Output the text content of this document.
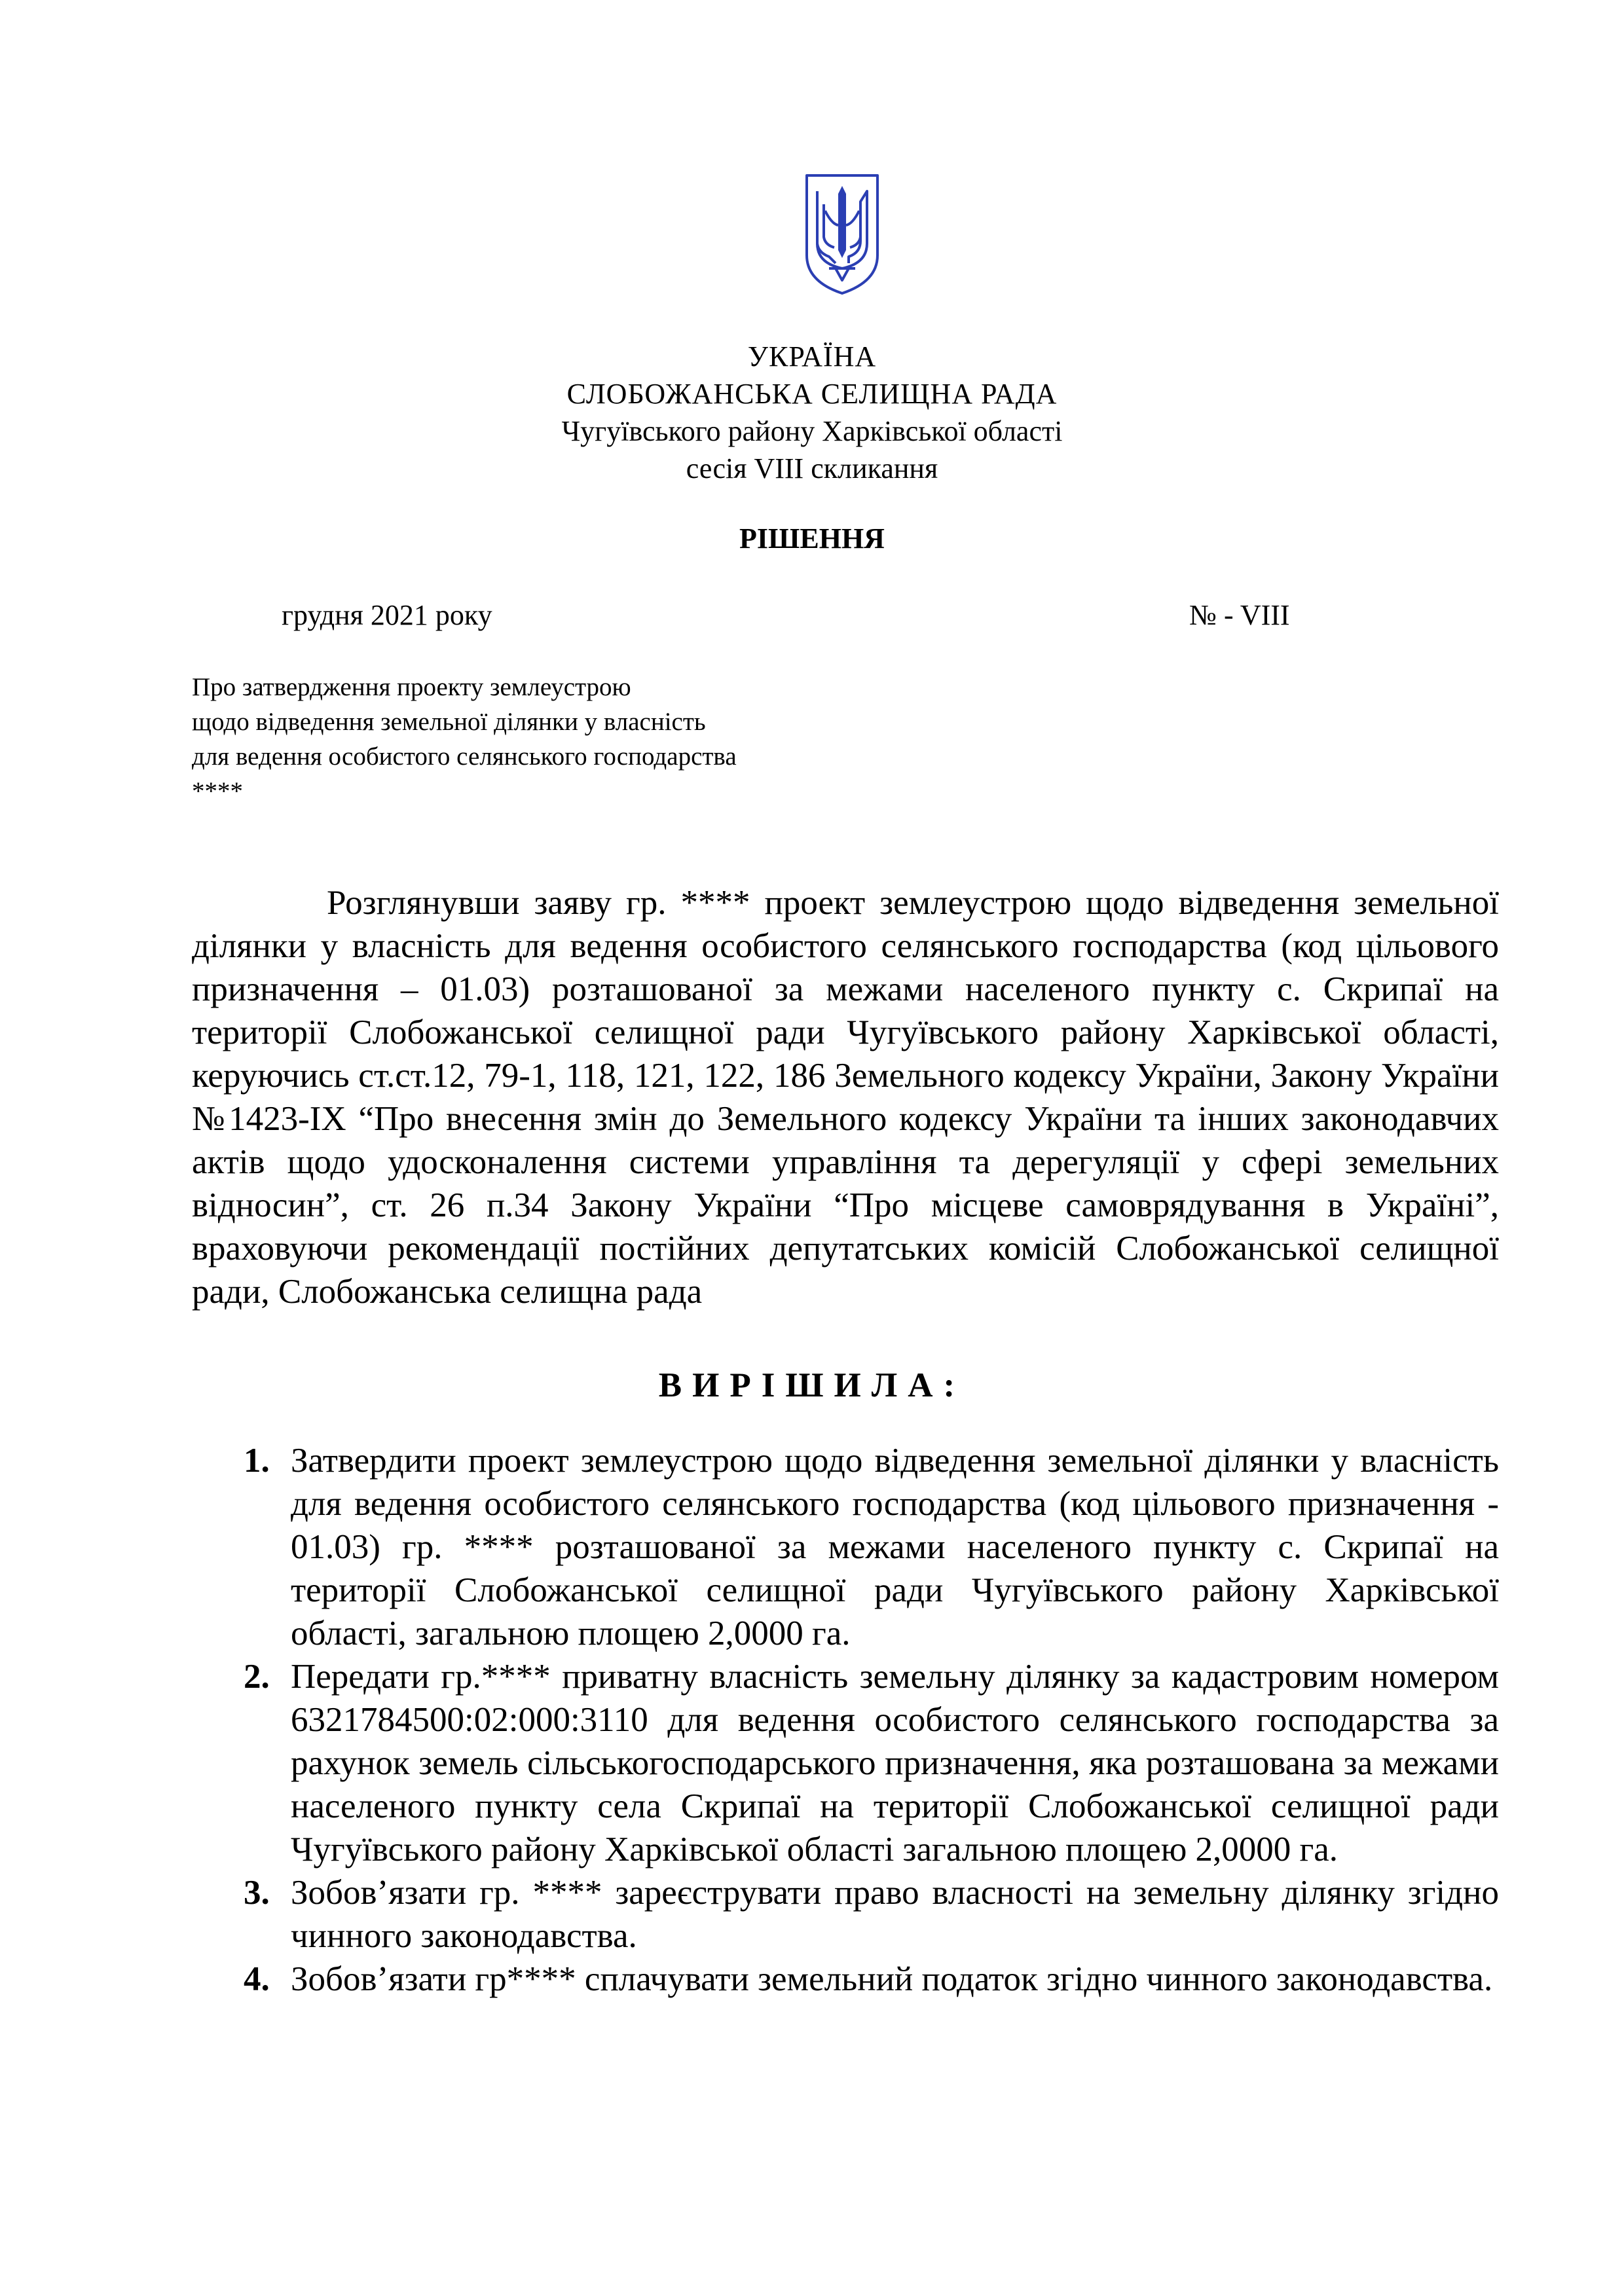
УКРАЇНА
СЛОБОЖАНСЬКА СЕЛИЩНА РАДА
Чугуївського району Харківської області
сесія VIII скликання
РІШЕННЯ
грудня 2021 року	№ - VIII
Про затвердження проекту землеустрою
щодо відведення земельної ділянки у власність
для ведення особистого селянського господарства
****
Розглянувши заяву гр. **** проект землеустрою щодо відведення земельної ділянки у власність для ведення особистого селянського господарства (код цільового призначення – 01.03) розташованої за межами населеного пункту с. Скрипаї на території Слобожанської селищної ради Чугуївського району Харківської області, керуючись ст.ст.12, 79-1, 118, 121, 122, 186 Земельного кодексу України, Закону України №1423-ІХ “Про внесення змін до Земельного кодексу України та інших законодавчих актів щодо удосконалення системи управління та дерегуляції у сфері земельних відносин”, ст. 26 п.34 Закону України “Про місцеве самоврядування в Україні”, враховуючи рекомендації постійних депутатських комісій Слобожанської селищної ради, Слобожанська селищна рада
ВИРІШИЛА:
1. Затвердити проект землеустрою щодо відведення земельної ділянки у власність для ведення особистого селянського господарства (код цільового призначення - 01.03) гр. **** розташованої за межами населеного пункту с. Скрипаї на території Слобожанської селищної ради Чугуївського району Харківської області, загальною площею 2,0000 га.
2. Передати гр.**** приватну власність земельну ділянку за кадастровим номером 6321784500:02:000:3110 для ведення особистого селянського господарства за рахунок земель сільськогосподарського призначення, яка розташована за межами населеного пункту села Скрипаї на території Слобожанської селищної ради Чугуївського району Харківської області загальною площею 2,0000 га.
3. Зобов’язати гр. **** зареєструвати право власності на земельну ділянку згідно чинного законодавства.
4. Зобов’язати гр**** сплачувати земельний податок згідно чинного законодавства.
